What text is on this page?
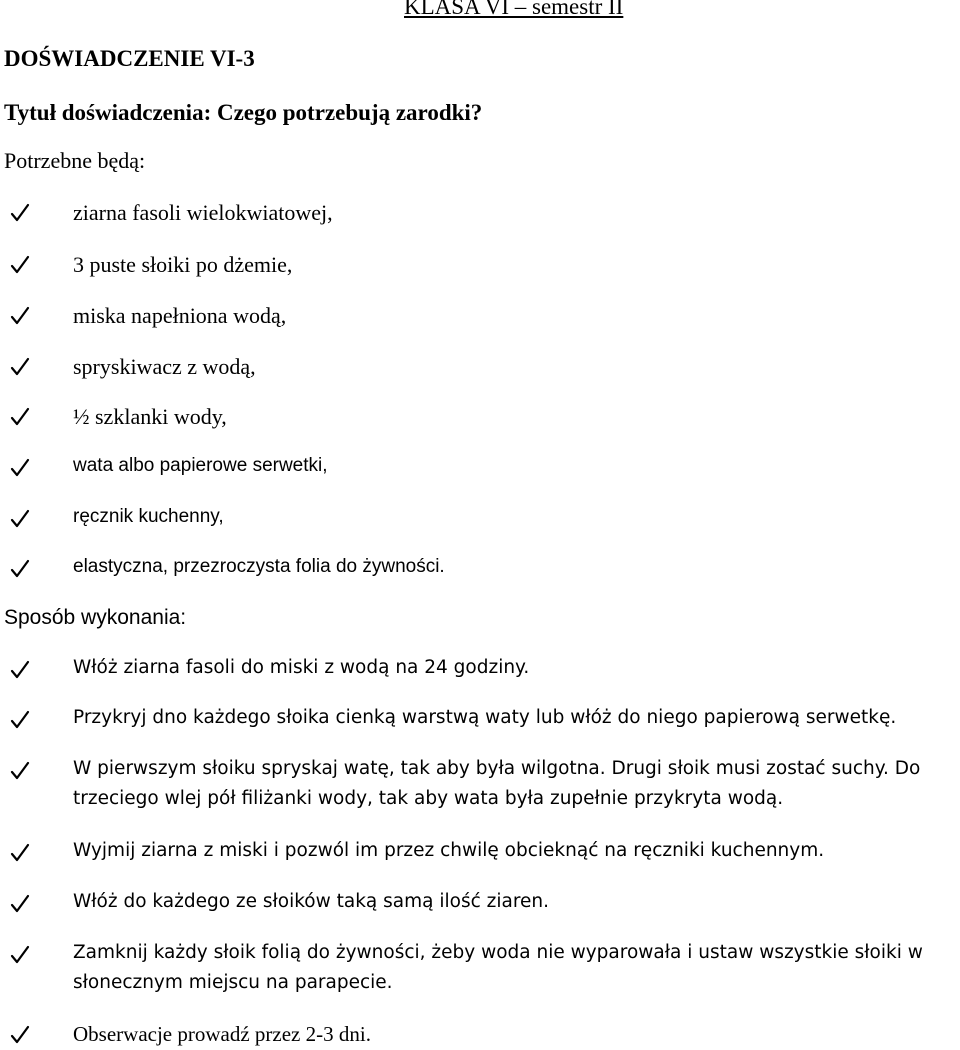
KLASA VI – semestr II
DOŚWIADCZENIE VI-3
Tytuł doświadczenia: Czego potrzebują zarodki?
Potrzebne będą:
ziarna fasoli wielokwiatowej,
3 puste słoiki po dżemie,
miska napełniona wodą,
spryskiwacz z wodą,
½ szklanki wody,
wata albo papierowe serwetki,
ręcznik kuchenny,
elastyczna, przezroczysta folia do żywności.
Sposób wykonania:
Włóż ziarna fasoli do miski z wodą na 24 godziny.
Przykryj dno każdego słoika cienką warstwą waty lub włóż do niego papierową serwetkę.
W pierwszym słoiku spryskaj watę, tak aby była wilgotna. Drugi słoik musi zostać suchy. Do
trzeciego wlej pół filiżanki wody, tak aby wata była zupełnie przykryta wodą.
Wyjmij ziarna z miski i pozwól im przez chwilę obcieknąć na ręczniki kuchennym.
Włóż do każdego ze słoików taką samą ilość ziaren.
Zamknij każdy słoik folią do żywności, żeby woda nie wyparowała i ustaw wszystkie słoiki w
słonecznym miejscu na parapecie.
Obserwacje prowadź przez 2-3 dni.
